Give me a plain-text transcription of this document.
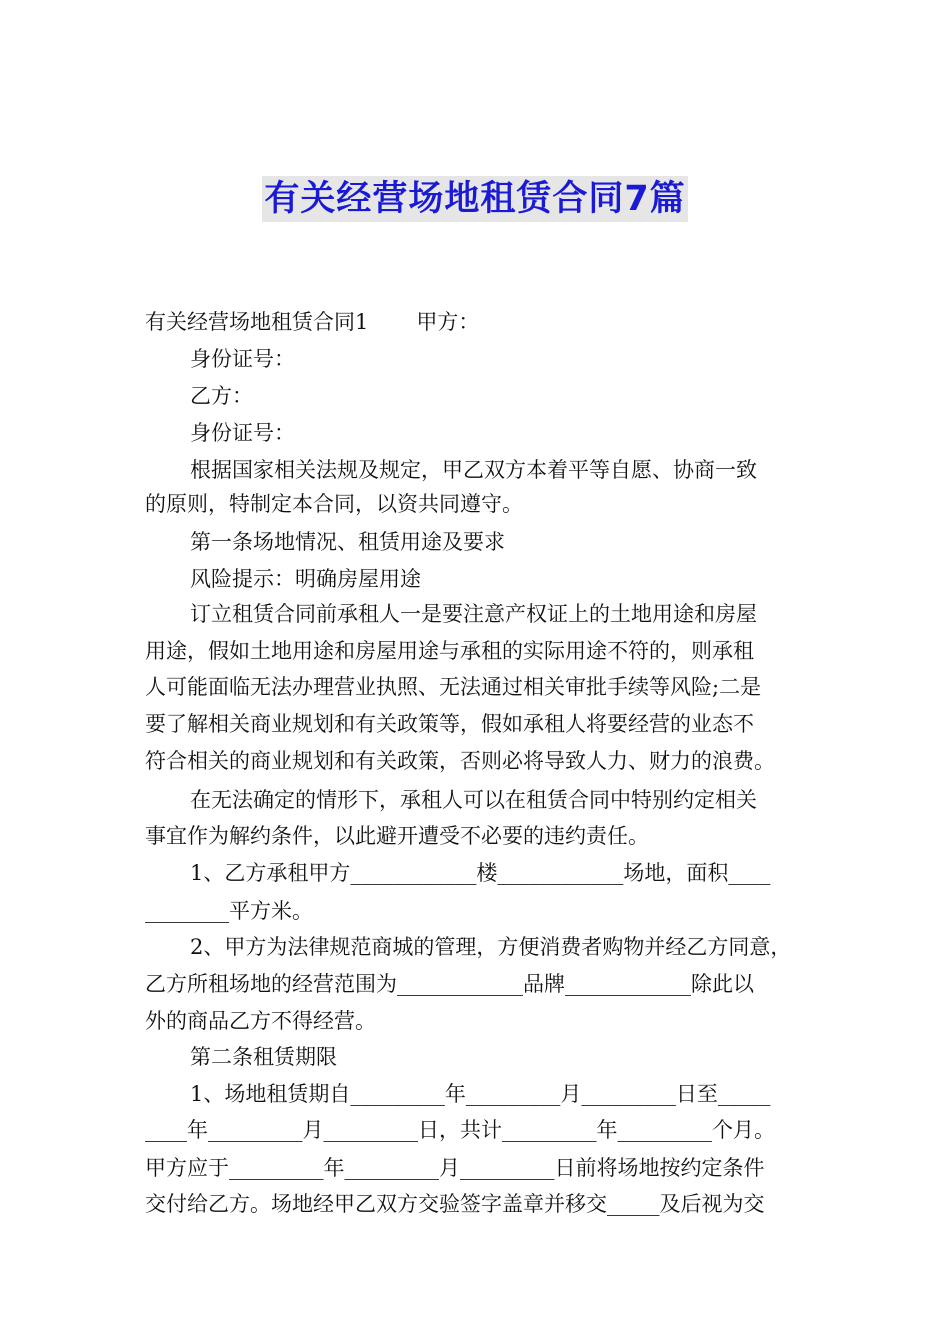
有关经营场地租赁合同7篇
有关经营场地租赁合同1 甲方：
身份证号：
乙方：
身份证号：
根据国家相关法规及规定，甲乙双方本着平等自愿、协商一致
的原则，特制定本合同，以资共同遵守。
第一条场地情况、租赁用途及要求
风险提示：明确房屋用途
订立租赁合同前承租人一是要注意产权证上的土地用途和房屋
用途，假如土地用途和房屋用途与承租的实际用途不符的，则承租
人可能面临无法办理营业执照、无法通过相关审批手续等风险;二是
要了解相关商业规划和有关政策等，假如承租人将要经营的业态不
符合相关的商业规划和有关政策，否则必将导致人力、财力的浪费。
在无法确定的情形下，承租人可以在租赁合同中特别约定相关
事宜作为解约条件，以此避开遭受不必要的违约责任。
1、乙方承租甲方____________楼____________场地，面积____
________平方米。
2、甲方为法律规范商城的管理，方便消费者购物并经乙方同意，
乙方所租场地的经营范围为____________品牌____________除此以
外的商品乙方不得经营。
第二条租赁期限
1、场地租赁期自_________年_________月_________日至_____
____年_________月_________日，共计_________年_________个月。
甲方应于_________年_________月_________日前将场地按约定条件
交付给乙方。场地经甲乙双方交验签字盖章并移交_____及后视为交
